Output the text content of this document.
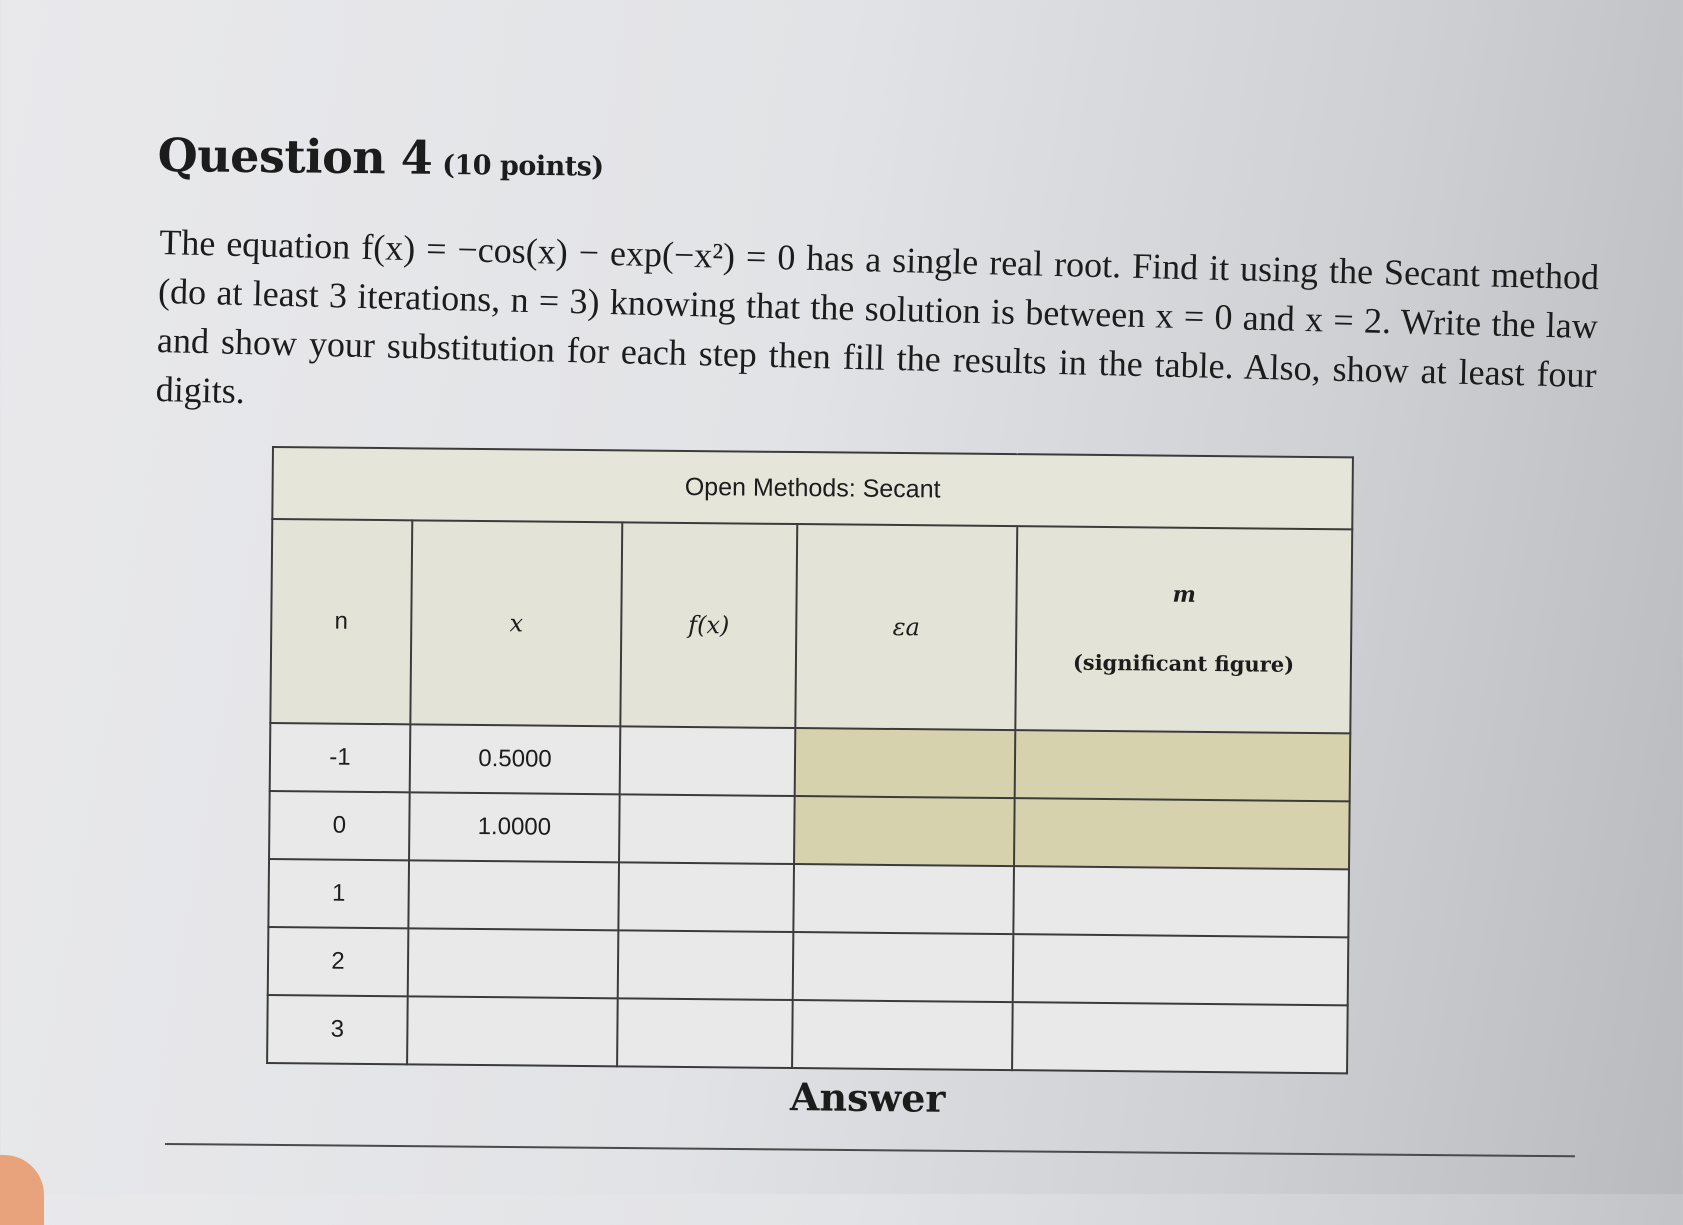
Question 4 (10 points)

The equation f(x) = −cos(x) − exp(−x²) = 0 has a single real root. Find it using the Secant method (do at least 3 iterations, n = 3) knowing that the solution is between x = 0 and x = 2. Write the law and show your substitution for each step then fill the results in the table. Also, show at least four digits.

Open Methods: Secant				
n	x	f(x)	εa	m
(significant figure)
-1	0.5000			
0	1.0000			
1				
2				
3				
Answer
